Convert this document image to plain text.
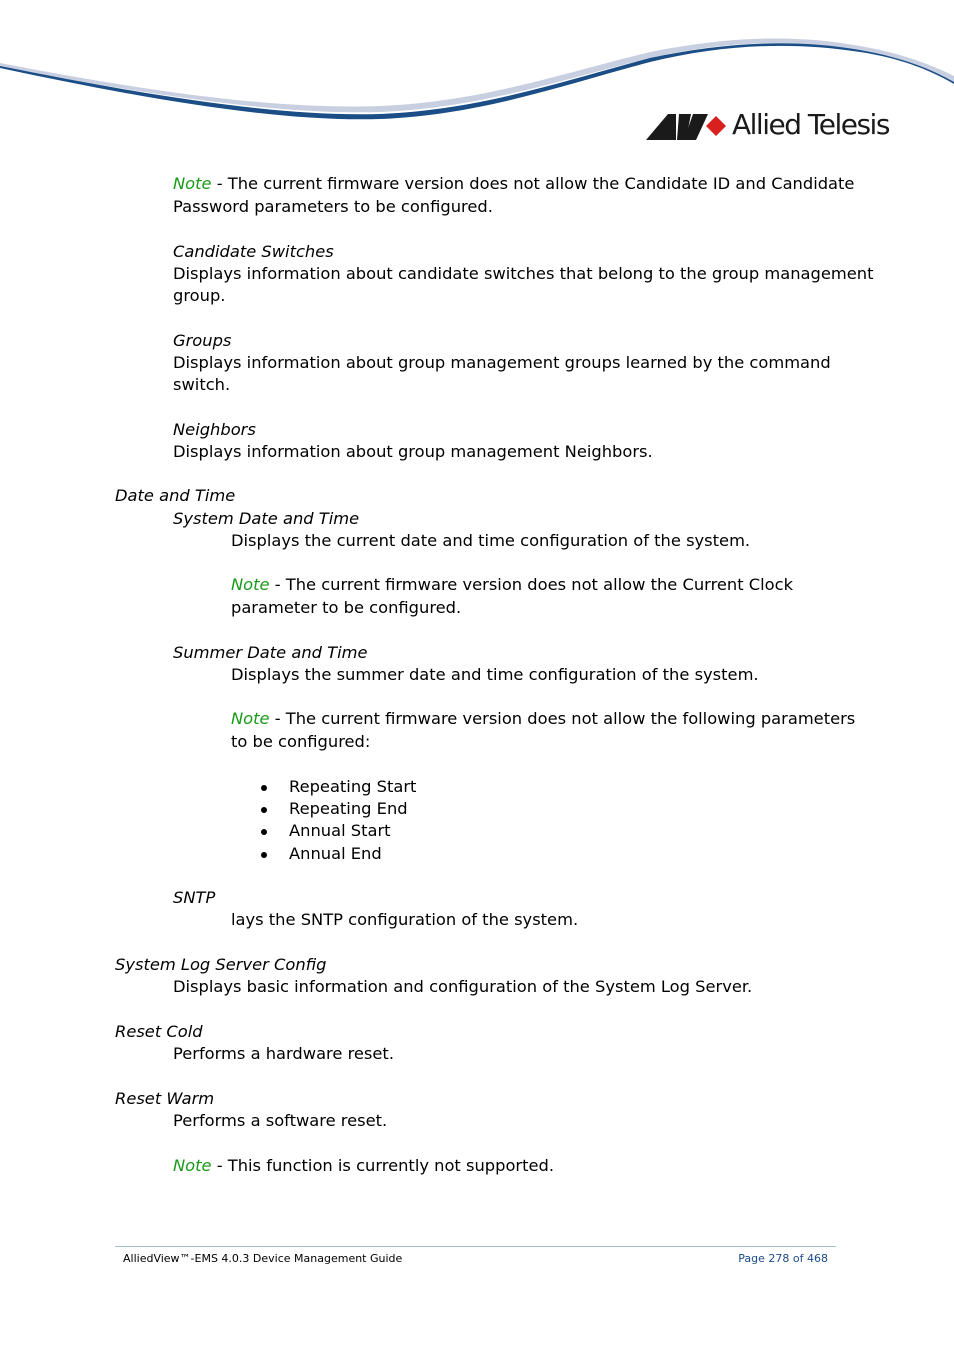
Allied Telesis
Note - The current firmware version does not allow the Candidate ID and Candidate
Password parameters to be configured.
Candidate Switches
Displays information about candidate switches that belong to the group management
group.
Groups
Displays information about group management groups learned by the command
switch.
Neighbors
Displays information about group management Neighbors.
Date and Time
System Date and Time
Displays the current date and time configuration of the system.
Note - The current firmware version does not allow the Current Clock
parameter to be configured.
Summer Date and Time
Displays the summer date and time configuration of the system.
Note - The current firmware version does not allow the following parameters
to be configured:
Repeating Start
Repeating End
Annual Start
Annual End
SNTP
lays the SNTP configuration of the system.
System Log Server Config
Displays basic information and configuration of the System Log Server.
Reset Cold
Performs a hardware reset.
Reset Warm
Performs a software reset.
Note - This function is currently not supported.
AlliedView™-EMS 4.0.3 Device Management Guide	Page 278 of 468
